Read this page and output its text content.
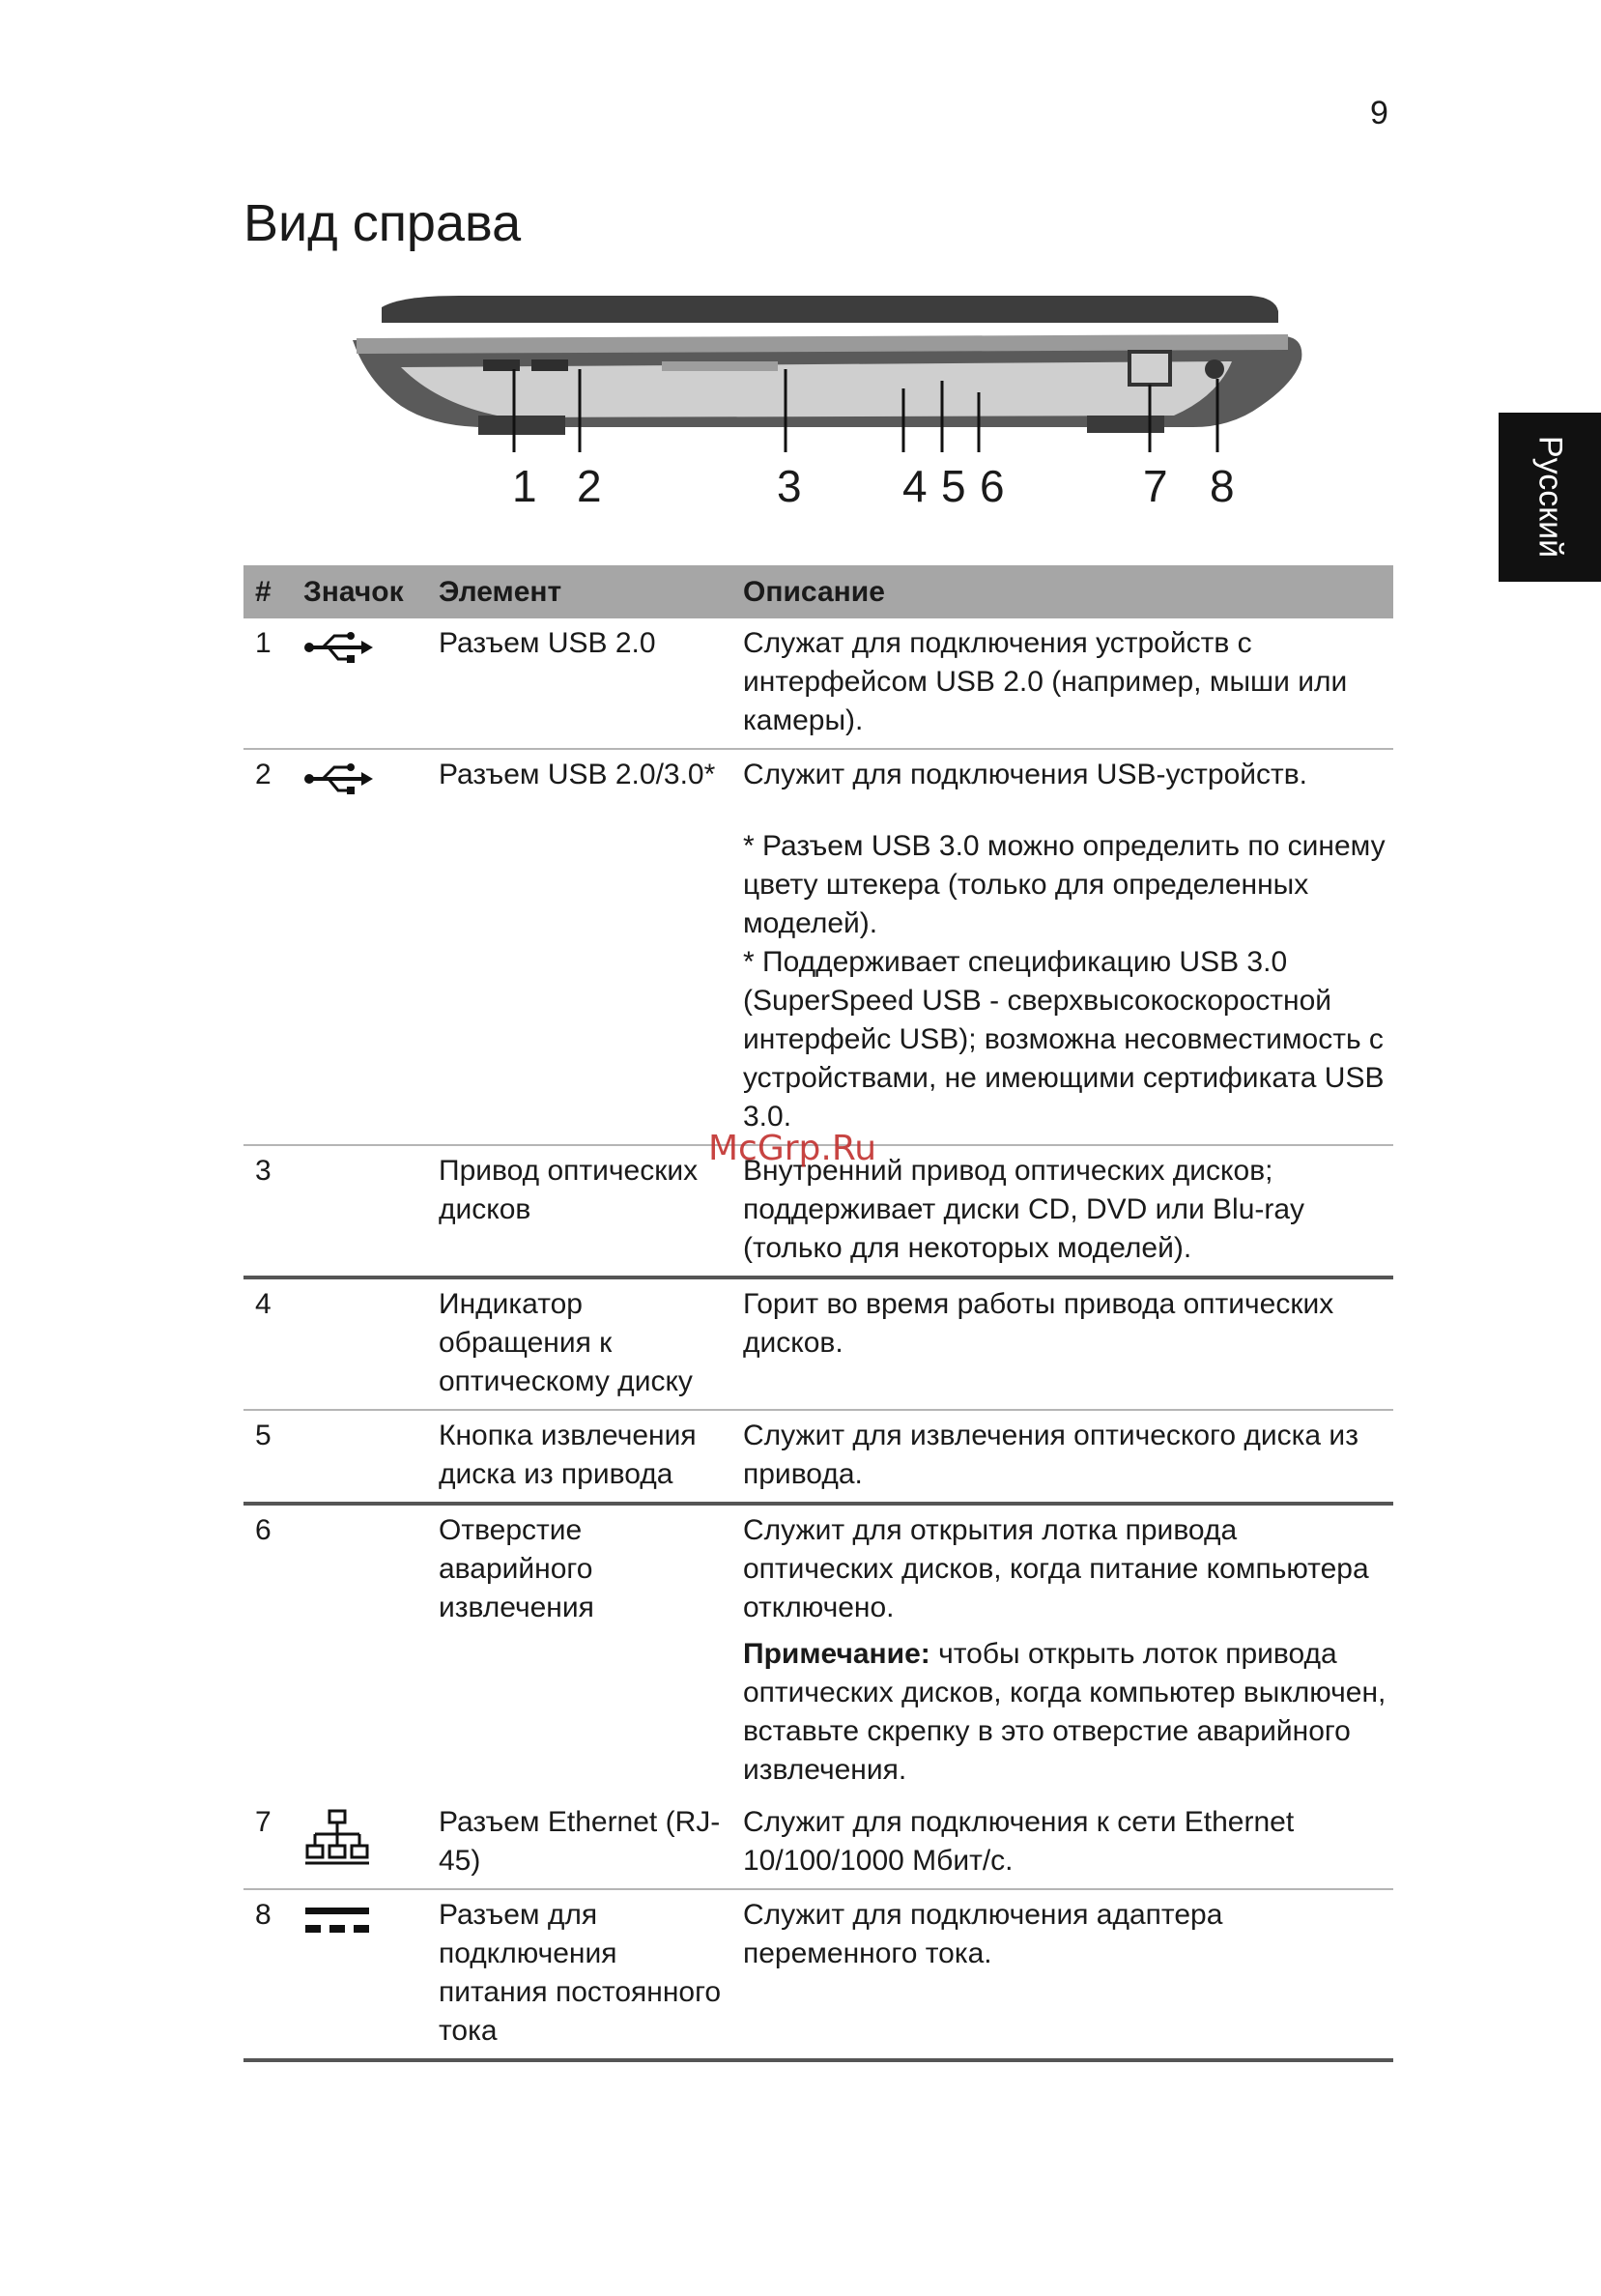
9
Вид справа
Русский
1 2	3 4 5 6	7 8
#	Значок	Элемент	Описание
1		Разъем USB 2.0	Служат для подключения устройств с интерфейсом USB 2.0 (например, мыши или камеры).

2		Разъем USB 2.0/3.0*	Служит для подключения USB-устройств.

* Разъем USB 3.0 можно определить по синему цвету штекера (только для определенных моделей).

* Поддерживает спецификацию USB 3.0 (SuperSpeed USB - сверхвысокоскоростной интерфейс USB); возможна несовместимость с устройствами, не имеющими сертификата USB 3.0.

3		Привод оптических дисков	Внутренний привод оптических дисков; поддерживает диски CD, DVD или Blu-ray (только для некоторых моделей).

4		Индикатор обращения к оптическому диску	Горит во время работы привода оптических дисков.

5		Кнопка извлечения диска из привода	Служит для извлечения оптического диска из привода.

6		Отверстие аварийного извлечения	Служит для открытия лотка привода оптических дисков, когда питание компьютера отключено.

Примечание: чтобы открыть лоток привода оптических дисков, когда компьютер выключен, вставьте скрепку в это отверстие аварийного извлечения.

7		Разъем Ethernet (RJ-45)	Служит для подключения к сети Ethernet 10/100/1000 Мбит/с.

8		Разъем для подключения питания постоянного тока	Служит для подключения адаптера переменного тока.

McGrp.Ru
